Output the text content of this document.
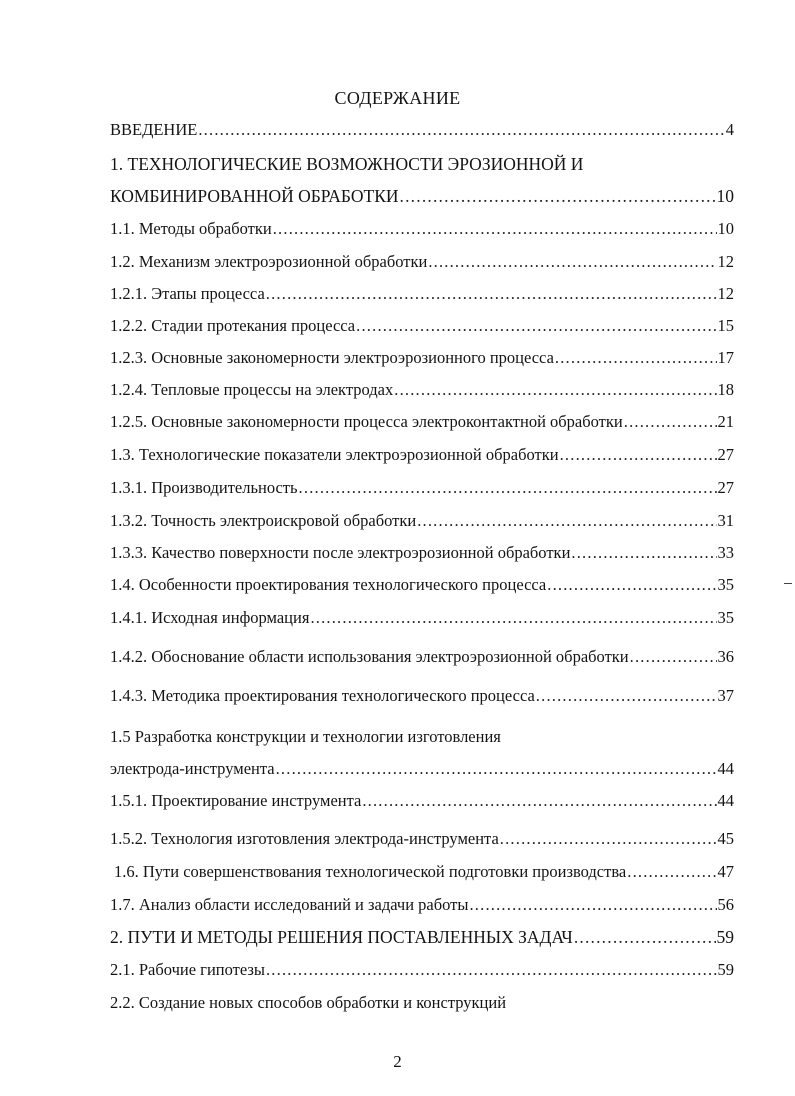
СОДЕРЖАНИЕ
ВВЕДЕНИЕ .....	4
1. ТЕХНОЛОГИЧЕСКИЕ ВОЗМОЖНОСТИ ЭРОЗИОННОЙ И
КОМБИНИРОВАННОЙ ОБРАБОТКИ .....	10
1.1. Методы обработки .....	10
1.2. Механизм электроэрозионной обработки .....	12
1.2.1. Этапы процесса .....	12
1.2.2. Стадии протекания процесса .....	15
1.2.3. Основные закономерности электроэрозионного процесса .....	17
1.2.4. Тепловые процессы на электродах .....	18
1.2.5. Основные закономерности процесса электроконтактной обработки .....	21
1.3. Технологические показатели электроэрозионной обработки .....	27
1.3.1. Производительность .....	27
1.3.2. Точность электроискровой обработки .....	31
1.3.3. Качество поверхности после электроэрозионной обработки .....	33
1.4. Особенности проектирования технологического процесса .....	35
1.4.1. Исходная информация .....	35
1.4.2. Обоснование области использования электроэрозионной обработки .....	36
1.4.3. Методика проектирования технологического процесса .....	37
1.5 Разработка конструкции и технологии изготовления
электрода-инструмента .....	44
1.5.1. Проектирование инструмента .....	44
1.5.2. Технология изготовления электрода-инструмента .....	45
1.6. Пути совершенствования технологической подготовки производства .....	47
1.7. Анализ области исследований и задачи работы .....	56
2. ПУТИ И МЕТОДЫ РЕШЕНИЯ ПОСТАВЛЕННЫХ ЗАДАЧ .....	59
2.1. Рабочие гипотезы .....	59
2.2. Создание новых способов обработки и конструкций
2
